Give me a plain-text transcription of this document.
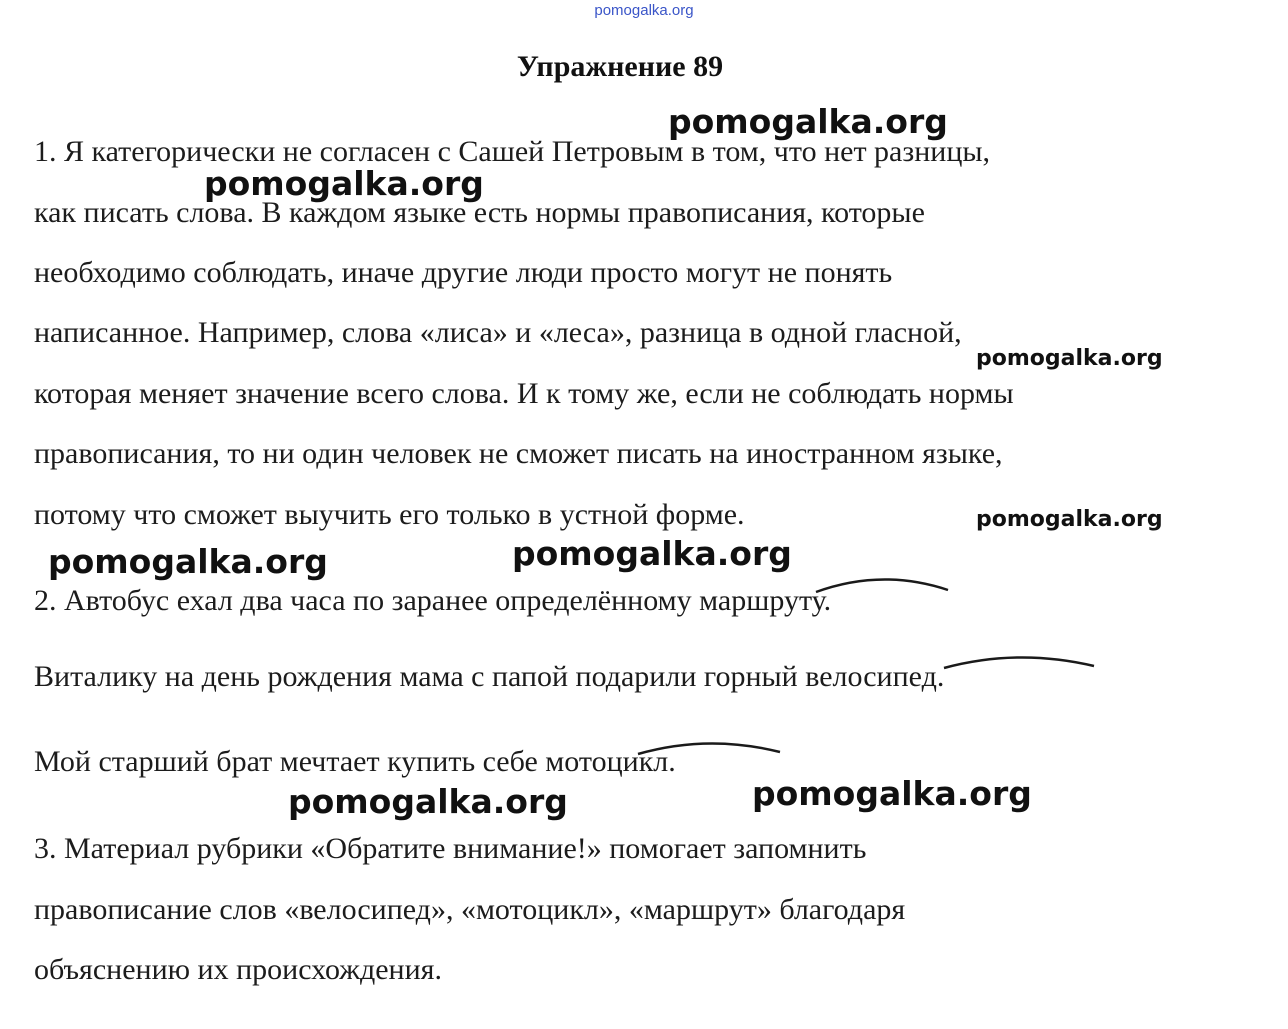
pomogalka.org
Упражнение 89
1. Я категорически не согласен с Сашей Петровым в том, что нет разницы,
как писать слова. В каждом языке есть нормы правописания, которые
необходимо соблюдать, иначе другие люди просто могут не понять
написанное. Например, слова «лиса» и «леса», разница в одной гласной,
которая меняет значение всего слова. И к тому же, если не соблюдать нормы
правописания, то ни один человек не сможет писать на иностранном языке,
потому что сможет выучить его только в устной форме.
2. Автобус ехал два часа по заранее определённому маршруту.
Виталику на день рождения мама с папой подарили горный велосипед.
Мой старший брат мечтает купить себе мотоцикл.
3. Материал рубрики «Обратите внимание!» помогает запомнить
правописание слов «велосипед», «мотоцикл», «маршрут» благодаря
объяснению их происхождения.
pomogalka.org
pomogalka.org
pomogalka.org
pomogalka.org
pomogalka.org
pomogalka.org
pomogalka.org
pomogalka.org
